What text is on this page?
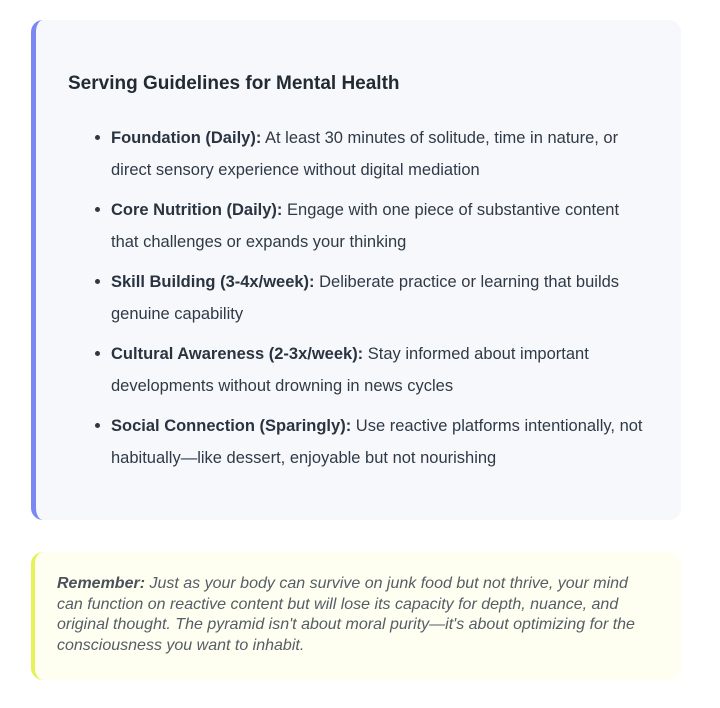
Serving Guidelines for Mental Health
Foundation (Daily): At least 30 minutes of solitude, time in nature, or direct sensory experience without digital mediation
Core Nutrition (Daily): Engage with one piece of substantive content that challenges or expands your thinking
Skill Building (3-4x/week): Deliberate practice or learning that builds genuine capability
Cultural Awareness (2-3x/week): Stay informed about important developments without drowning in news cycles
Social Connection (Sparingly): Use reactive platforms intentionally, not habitually—like dessert, enjoyable but not nourishing

Remember: Just as your body can survive on junk food but not thrive, your mind can function on reactive content but will lose its capacity for depth, nuance, and original thought. The pyramid isn't about moral purity—it's about optimizing for the consciousness you want to inhabit.
